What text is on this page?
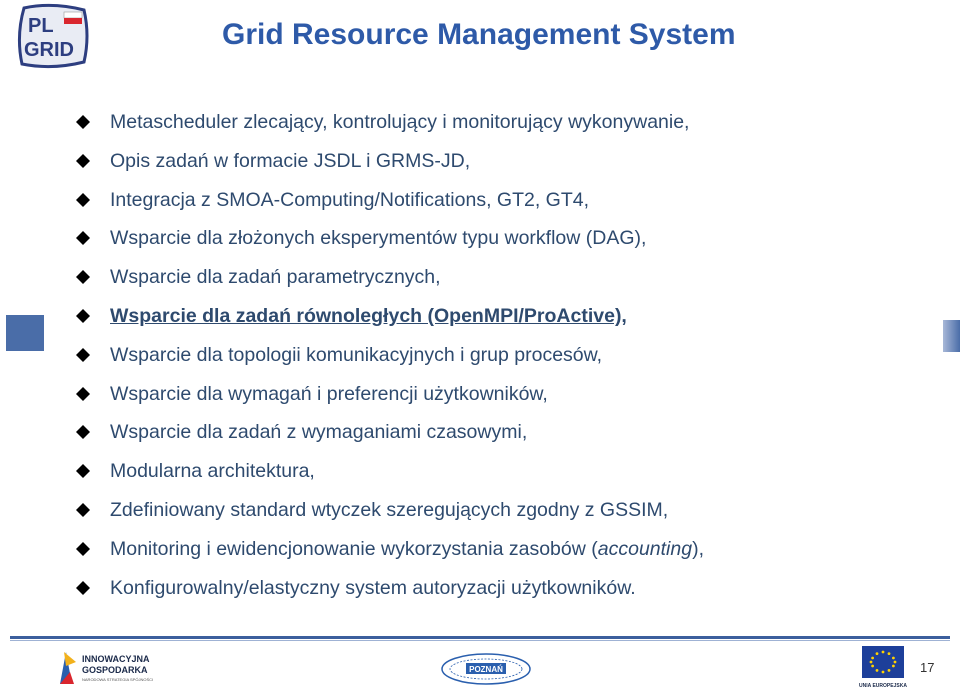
PL
GRID	Grid Resource Management System
Metascheduler zlecający, kontrolujący i monitorujący wykonywanie,
Opis zadań w formacie JSDL i GRMS-JD,
Integracja z SMOA-Computing/Notifications, GT2, GT4,
Wsparcie dla złożonych eksperymentów typu workflow (DAG),
Wsparcie dla zadań parametrycznych,
Wsparcie dla zadań równoległych (OpenMPI/ProActive),
Wsparcie dla topologii komunikacyjnych i grup procesów,
Wsparcie dla wymagań i preferencji użytkowników,
Wsparcie dla zadań z wymaganiami czasowymi,
Modularna architektura,
Zdefiniowany standard wtyczek szeregujących zgodny z GSSIM,
Monitoring i ewidencjonowanie wykorzystania zasobów (accounting),
Konfigurowalny/elastyczny system autoryzacji użytkowników.
INNOWACYJNA
GOSPODARKA
NARODOWA STRATEGIA SPÓJNOŚCI
POZNAŃ
UNIA EUROPEJSKA
17
